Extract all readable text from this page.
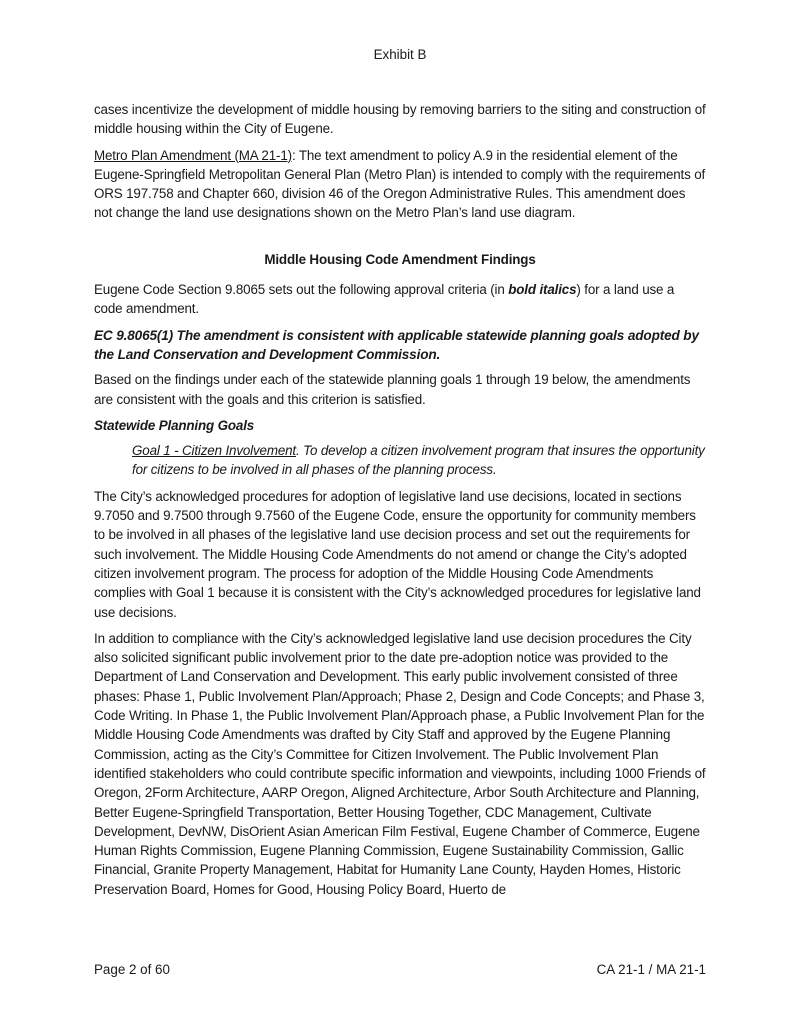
Exhibit B

cases incentivize the development of middle housing by removing barriers to the siting and construction of middle housing within the City of Eugene.

Metro Plan Amendment (MA 21-1): The text amendment to policy A.9 in the residential element of the Eugene-Springfield Metropolitan General Plan (Metro Plan) is intended to comply with the requirements of ORS 197.758 and Chapter 660, division 46 of the Oregon Administrative Rules. This amendment does not change the land use designations shown on the Metro Plan’s land use diagram.

Middle Housing Code Amendment Findings

Eugene Code Section 9.8065 sets out the following approval criteria (in bold italics) for a land use a code amendment.

EC 9.8065(1) The amendment is consistent with applicable statewide planning goals adopted by the Land Conservation and Development Commission.

Based on the findings under each of the statewide planning goals 1 through 19 below, the amendments are consistent with the goals and this criterion is satisfied.

Statewide Planning Goals

Goal 1 - Citizen Involvement. To develop a citizen involvement program that insures the opportunity for citizens to be involved in all phases of the planning process.

The City’s acknowledged procedures for adoption of legislative land use decisions, located in sections 9.7050 and 9.7500 through 9.7560 of the Eugene Code, ensure the opportunity for community members to be involved in all phases of the legislative land use decision process and set out the requirements for such involvement. The Middle Housing Code Amendments do not amend or change the City’s adopted citizen involvement program. The process for adoption of the Middle Housing Code Amendments complies with Goal 1 because it is consistent with the City’s acknowledged procedures for legislative land use decisions.

In addition to compliance with the City’s acknowledged legislative land use decision procedures the City also solicited significant public involvement prior to the date pre-adoption notice was provided to the Department of Land Conservation and Development. This early public involvement consisted of three phases: Phase 1, Public Involvement Plan/Approach; Phase 2, Design and Code Concepts; and Phase 3, Code Writing. In Phase 1, the Public Involvement Plan/Approach phase, a Public Involvement Plan for the Middle Housing Code Amendments was drafted by City Staff and approved by the Eugene Planning Commission, acting as the City’s Committee for Citizen Involvement. The Public Involvement Plan identified stakeholders who could contribute specific information and viewpoints, including 1000 Friends of Oregon, 2Form Architecture, AARP Oregon, Aligned Architecture, Arbor South Architecture and Planning, Better Eugene-Springfield Transportation, Better Housing Together, CDC Management, Cultivate Development, DevNW, DisOrient Asian American Film Festival, Eugene Chamber of Commerce, Eugene Human Rights Commission, Eugene Planning Commission, Eugene Sustainability Commission, Gallic Financial, Granite Property Management, Habitat for Humanity Lane County, Hayden Homes, Historic Preservation Board, Homes for Good, Housing Policy Board, Huerto de

Page 2 of 60	CA 21-1 / MA 21-1
